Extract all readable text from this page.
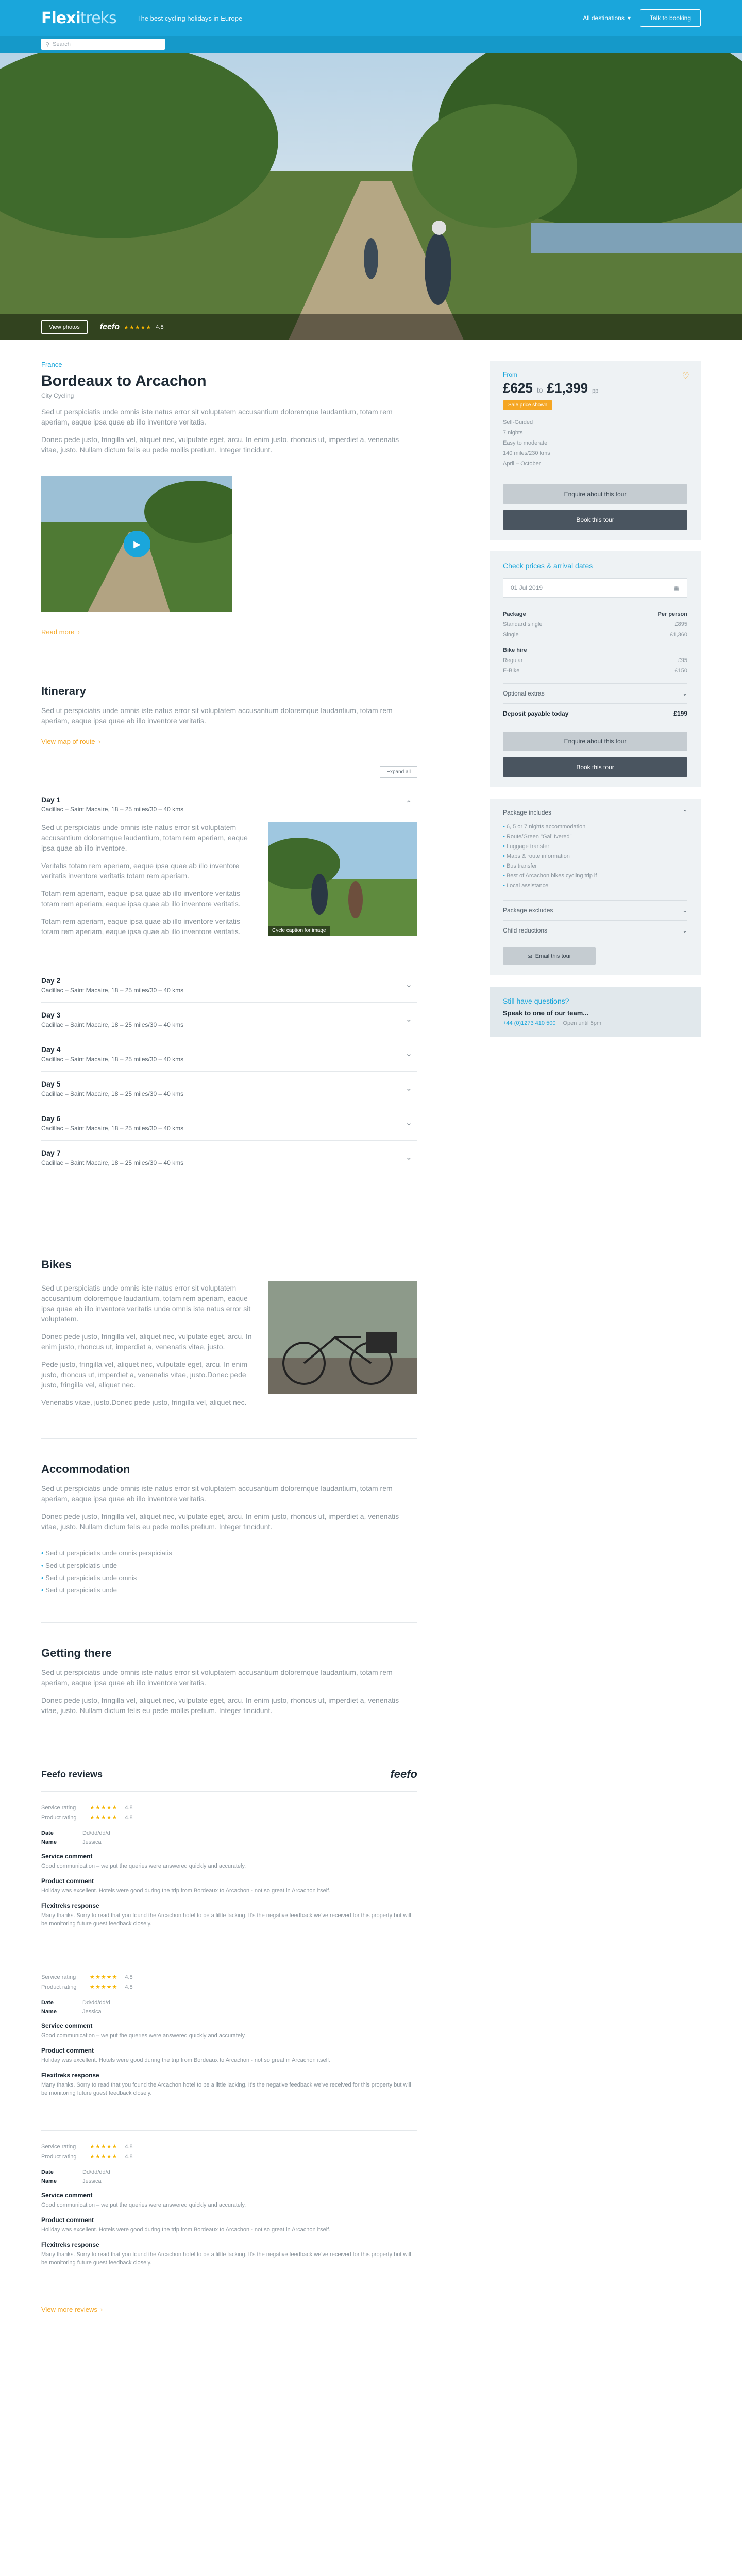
Flexitreks	The best cycling holidays in Europe	All destinations ▾	Talk to booking
⚲ Search
View photos	feefo ★★★★★ 4.8
France
Bordeaux to Arcachon
City Cycling

Sed ut perspiciatis unde omnis iste natus error sit voluptatem accusantium doloremque laudantium, totam rem aperiam, eaque ipsa quae ab illo inventore veritatis.

Donec pede justo, fringilla vel, aliquet nec, vulputate eget, arcu. In enim justo, rhoncus ut, imperdiet a, venenatis vitae, justo. Nullam dictum felis eu pede mollis pretium. Integer tincidunt.

▶
Read more ›
Itinerary

Sed ut perspiciatis unde omnis iste natus error sit voluptatem accusantium doloremque laudantium, totam rem aperiam, eaque ipsa quae ab illo inventore veritatis.

View map of route ›
Expand all
Day 1
Cadillac – Saint Macaire, 18 – 25 miles/30 – 40 kms
⌃

Sed ut perspiciatis unde omnis iste natus error sit voluptatem accusantium doloremque laudantium, totam rem aperiam, eaque ipsa quae ab illo inventore.

Veritatis totam rem aperiam, eaque ipsa quae ab illo inventore veritatis inventore veritatis totam rem aperiam.

Totam rem aperiam, eaque ipsa quae ab illo inventore veritatis totam rem aperiam, eaque ipsa quae ab illo inventore veritatis.

Totam rem aperiam, eaque ipsa quae ab illo inventore veritatis totam rem aperiam, eaque ipsa quae ab illo inventore veritatis.	Cycle caption for image
Day 2
Cadillac – Saint Macaire, 18 – 25 miles/30 – 40 kms
⌄
Day 3
Cadillac – Saint Macaire, 18 – 25 miles/30 – 40 kms
⌄
Day 4
Cadillac – Saint Macaire, 18 – 25 miles/30 – 40 kms
⌄
Day 5
Cadillac – Saint Macaire, 18 – 25 miles/30 – 40 kms
⌄
Day 6
Cadillac – Saint Macaire, 18 – 25 miles/30 – 40 kms
⌄
Day 7
Cadillac – Saint Macaire, 18 – 25 miles/30 – 40 kms
⌄
Bikes

Sed ut perspiciatis unde omnis iste natus error sit voluptatem accusantium doloremque laudantium, totam rem aperiam, eaque ipsa quae ab illo inventore veritatis unde omnis iste natus error sit voluptatem.

Donec pede justo, fringilla vel, aliquet nec, vulputate eget, arcu. In enim justo, rhoncus ut, imperdiet a, venenatis vitae, justo.

Pede justo, fringilla vel, aliquet nec, vulputate eget, arcu. In enim justo, rhoncus ut, imperdiet a, venenatis vitae, justo.Donec pede justo, fringilla vel, aliquet nec.

Venenatis vitae, justo.Donec pede justo, fringilla vel, aliquet nec.

Accommodation

Sed ut perspiciatis unde omnis iste natus error sit voluptatem accusantium doloremque laudantium, totam rem aperiam, eaque ipsa quae ab illo inventore veritatis.

Donec pede justo, fringilla vel, aliquet nec, vulputate eget, arcu. In enim justo, rhoncus ut, imperdiet a, venenatis vitae, justo. Nullam dictum felis eu pede mollis pretium. Integer tincidunt.

• Sed ut perspiciatis unde omnis perspiciatis
• Sed ut perspiciatis unde
• Sed ut perspiciatis unde omnis
• Sed ut perspiciatis unde
Getting there

Sed ut perspiciatis unde omnis iste natus error sit voluptatem accusantium doloremque laudantium, totam rem aperiam, eaque ipsa quae ab illo inventore veritatis.

Donec pede justo, fringilla vel, aliquet nec, vulputate eget, arcu. In enim justo, rhoncus ut, imperdiet a, venenatis vitae, justo. Nullam dictum felis eu pede mollis pretium. Integer tincidunt.

Feefo reviews	feefo
Service rating	★★★★★ 4.8
Product rating	★★★★★ 4.8
Date	Dd/dd/dd/d
Name	Jessica
Service comment
Good communication – we put the queries were answered quickly and accurately.
Product comment
Holiday was excellent. Hotels were good during the trip from Bordeaux to Arcachon - not so great in Arcachon itself.
Flexitreks response
Many thanks. Sorry to read that you found the Arcachon hotel to be a little lacking. It's the negative feedback we've received for this property but will be monitoring future guest feedback closely.
Service rating	★★★★★ 4.8
Product rating	★★★★★ 4.8
Date	Dd/dd/dd/d
Name	Jessica
Service comment
Good communication – we put the queries were answered quickly and accurately.
Product comment
Holiday was excellent. Hotels were good during the trip from Bordeaux to Arcachon - not so great in Arcachon itself.
Flexitreks response
Many thanks. Sorry to read that you found the Arcachon hotel to be a little lacking. It's the negative feedback we've received for this property but will be monitoring future guest feedback closely.
Service rating	★★★★★ 4.8
Product rating	★★★★★ 4.8
Date	Dd/dd/dd/d
Name	Jessica
Service comment
Good communication – we put the queries were answered quickly and accurately.
Product comment
Holiday was excellent. Hotels were good during the trip from Bordeaux to Arcachon - not so great in Arcachon itself.
Flexitreks response
Many thanks. Sorry to read that you found the Arcachon hotel to be a little lacking. It's the negative feedback we've received for this property but will be monitoring future guest feedback closely.
View more reviews ›
♡
From
£625 to £1,399 pp
Sale price shown
Self-Guided
7 nights
Easy to moderate
140 miles/230 kms
April – October
Enquire about this tour
Book this tour
Check prices & arrival dates
01 Jul 2019	▦
Package	Per person
Standard single	£895
Single	£1,360
Bike hire	
Regular	£95
E-Bike	£150
Optional extras	⌄
Deposit payable today	£199
Enquire about this tour
Book this tour
Package includes	⌃
• 6, 5 or 7 nights accommodation
• Route/Green "Gal’ Ivered"
• Luggage transfer
• Maps & route information
• Bus transfer
• Best of Arcachon bikes cycling trip if
• Local assistance
Package excludes	⌄
Child reductions	⌄
✉ Email this tour
Still have questions?
Speak to one of our team...
+44 (0)1273 410 500 Open until 5pm
